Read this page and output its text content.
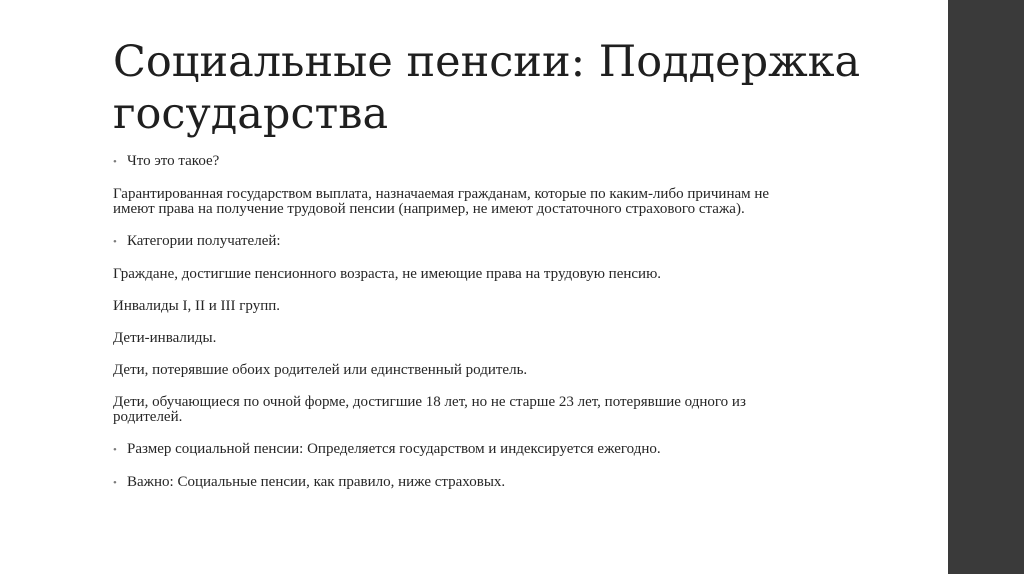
Социальные пенсии: Поддержка государства

• Что это такое?

Гарантированная государством выплата, назначаемая гражданам, которые по каким-либо причинам не имеют права на получение трудовой пенсии (например, не имеют достаточного страхового стажа).

• Категории получателей:

Граждане, достигшие пенсионного возраста, не имеющие права на трудовую пенсию.

Инвалиды I, II и III групп.

Дети-инвалиды.

Дети, потерявшие обоих родителей или единственный родитель.

Дети, обучающиеся по очной форме, достигшие 18 лет, но не старше 23 лет, потерявшие одного из родителей.

• Размер социальной пенсии: Определяется государством и индексируется ежегодно.

• Важно: Социальные пенсии, как правило, ниже страховых.
